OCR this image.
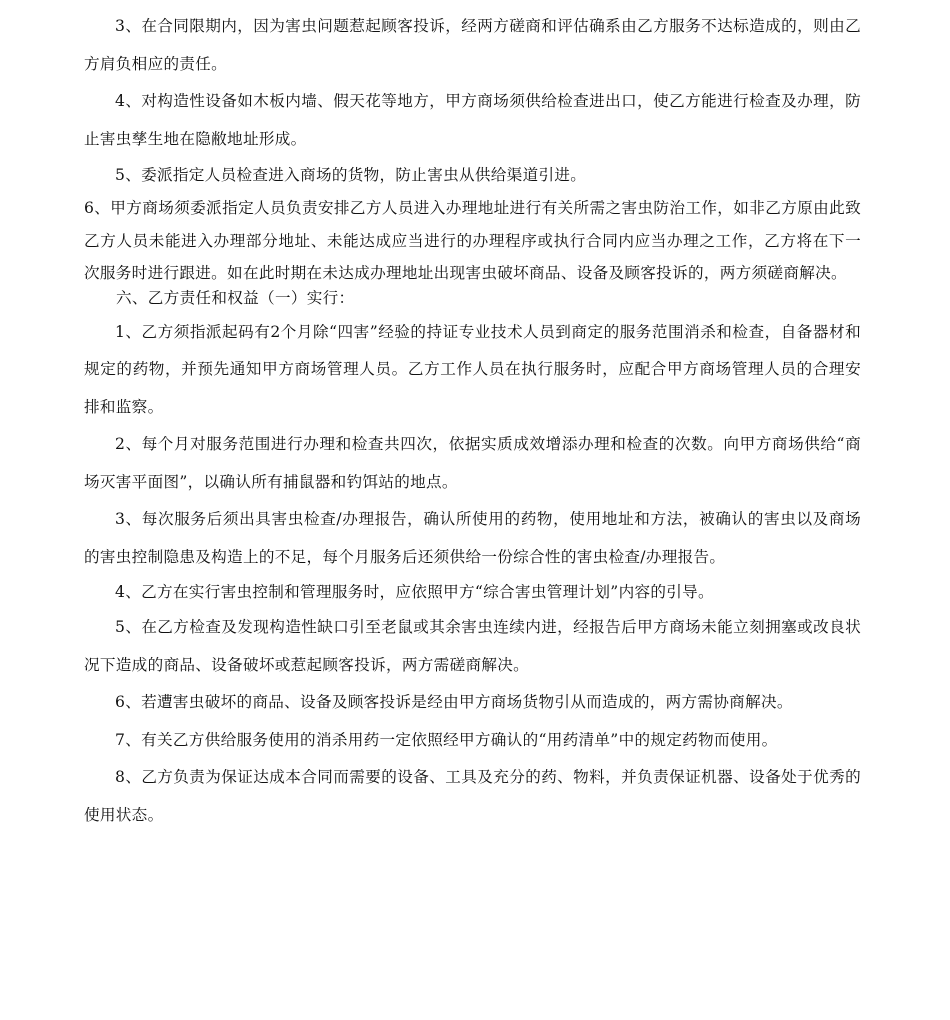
3、在合同限期内，因为害虫问题惹起顾客投诉，经两方磋商和评估确系由乙方服务不达标造成的，则由乙方肩负相应的责任。

4、对构造性设备如木板内墙、假天花等地方，甲方商场须供给检查进出口，使乙方能进行检查及办理，防止害虫孳生地在隐敝地址形成。

5、委派指定人员检查进入商场的货物，防止害虫从供给渠道引进。

6、甲方商场须委派指定人员负责安排乙方人员进入办理地址进行有关所需之害虫防治工作，如非乙方原由此致乙方人员未能进入办理部分地址、未能达成应当进行的办理程序或执行合同内应当办理之工作，乙方将在下一次服务时进行跟进。如在此时期在未达成办理地址出现害虫破坏商品、设备及顾客投诉的，两方须磋商解决。

六、乙方责任和权益（一）实行：

1、乙方须指派起码有2个月除“四害”经验的持证专业技术人员到商定的服务范围消杀和检查，自备器材和规定的药物，并预先通知甲方商场管理人员。乙方工作人员在执行服务时，应配合甲方商场管理人员的合理安排和监察。

2、每个月对服务范围进行办理和检查共四次，依据实质成效增添办理和检查的次数。向甲方商场供给“商场灭害平面图”，以确认所有捕鼠器和钓饵站的地点。

3、每次服务后须出具害虫检查/办理报告，确认所使用的药物，使用地址和方法，被确认的害虫以及商场的害虫控制隐患及构造上的不足，每个月服务后还须供给一份综合性的害虫检查/办理报告。

4、乙方在实行害虫控制和管理服务时，应依照甲方“综合害虫管理计划”内容的引导。

5、在乙方检查及发现构造性缺口引至老鼠或其余害虫连续内进，经报告后甲方商场未能立刻拥塞或改良状况下造成的商品、设备破坏或惹起顾客投诉，两方需磋商解决。

6、若遭害虫破坏的商品、设备及顾客投诉是经由甲方商场货物引从而造成的，两方需协商解决。

7、有关乙方供给服务使用的消杀用药一定依照经甲方确认的“用药清单”中的规定药物而使用。

8、乙方负责为保证达成本合同而需要的设备、工具及充分的药、物料，并负责保证机器、设备处于优秀的使用状态。
